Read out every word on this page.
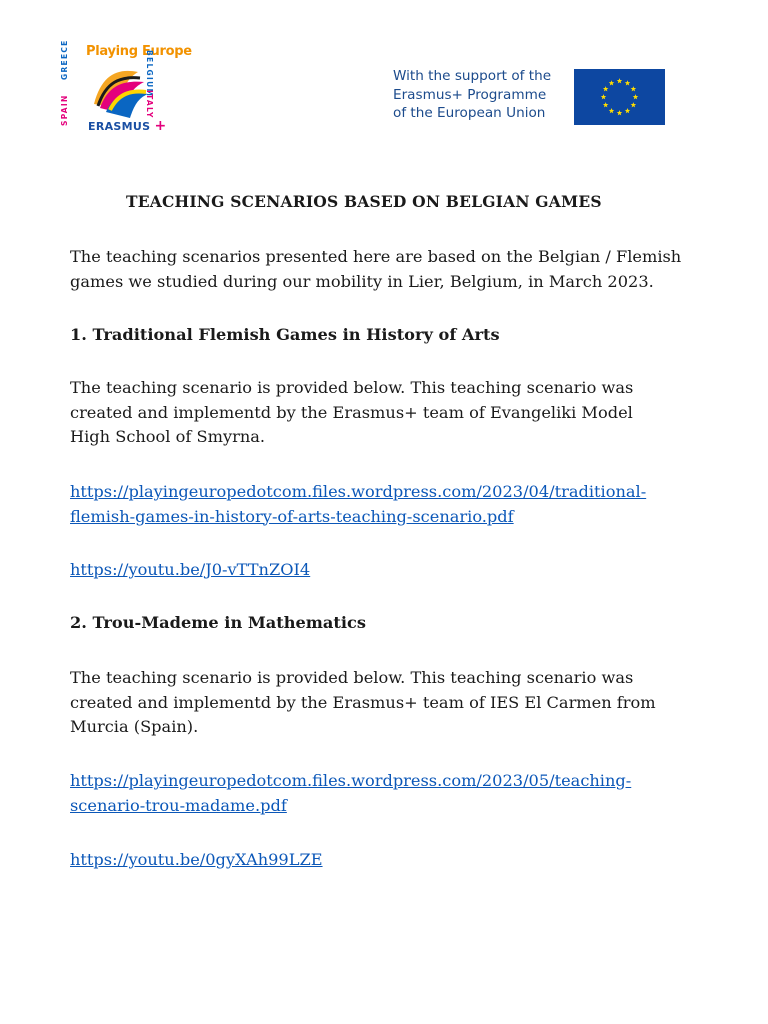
Playing Europe
ERASMUS +
SPAIN
GREECE	BELGIUM
ITALY
With the support of the
Erasmus+ Programme
of the European Union
TEACHING SCENARIOS BASED ON BELGIAN GAMES
The teaching scenarios presented here are based on the Belgian / Flemish
games we studied during our mobility in Lier, Belgium, in March 2023.
1. Traditional Flemish Games in History of Arts
The teaching scenario is provided below. This teaching scenario was
created and implementd by the Erasmus+ team of Evangeliki Model
High School of Smyrna.
https://playingeuropedotcom.files.wordpress.com/2023/04/traditional-
flemish-games-in-history-of-arts-teaching-scenario.pdf
https://youtu.be/J0-vTTnZOI4
2. Trou-Mademe in Mathematics
The teaching scenario is provided below. This teaching scenario was
created and implementd by the Erasmus+ team of IES El Carmen from
Murcia (Spain).
https://playingeuropedotcom.files.wordpress.com/2023/05/teaching-
scenario-trou-madame.pdf
https://youtu.be/0gyXAh99LZE
